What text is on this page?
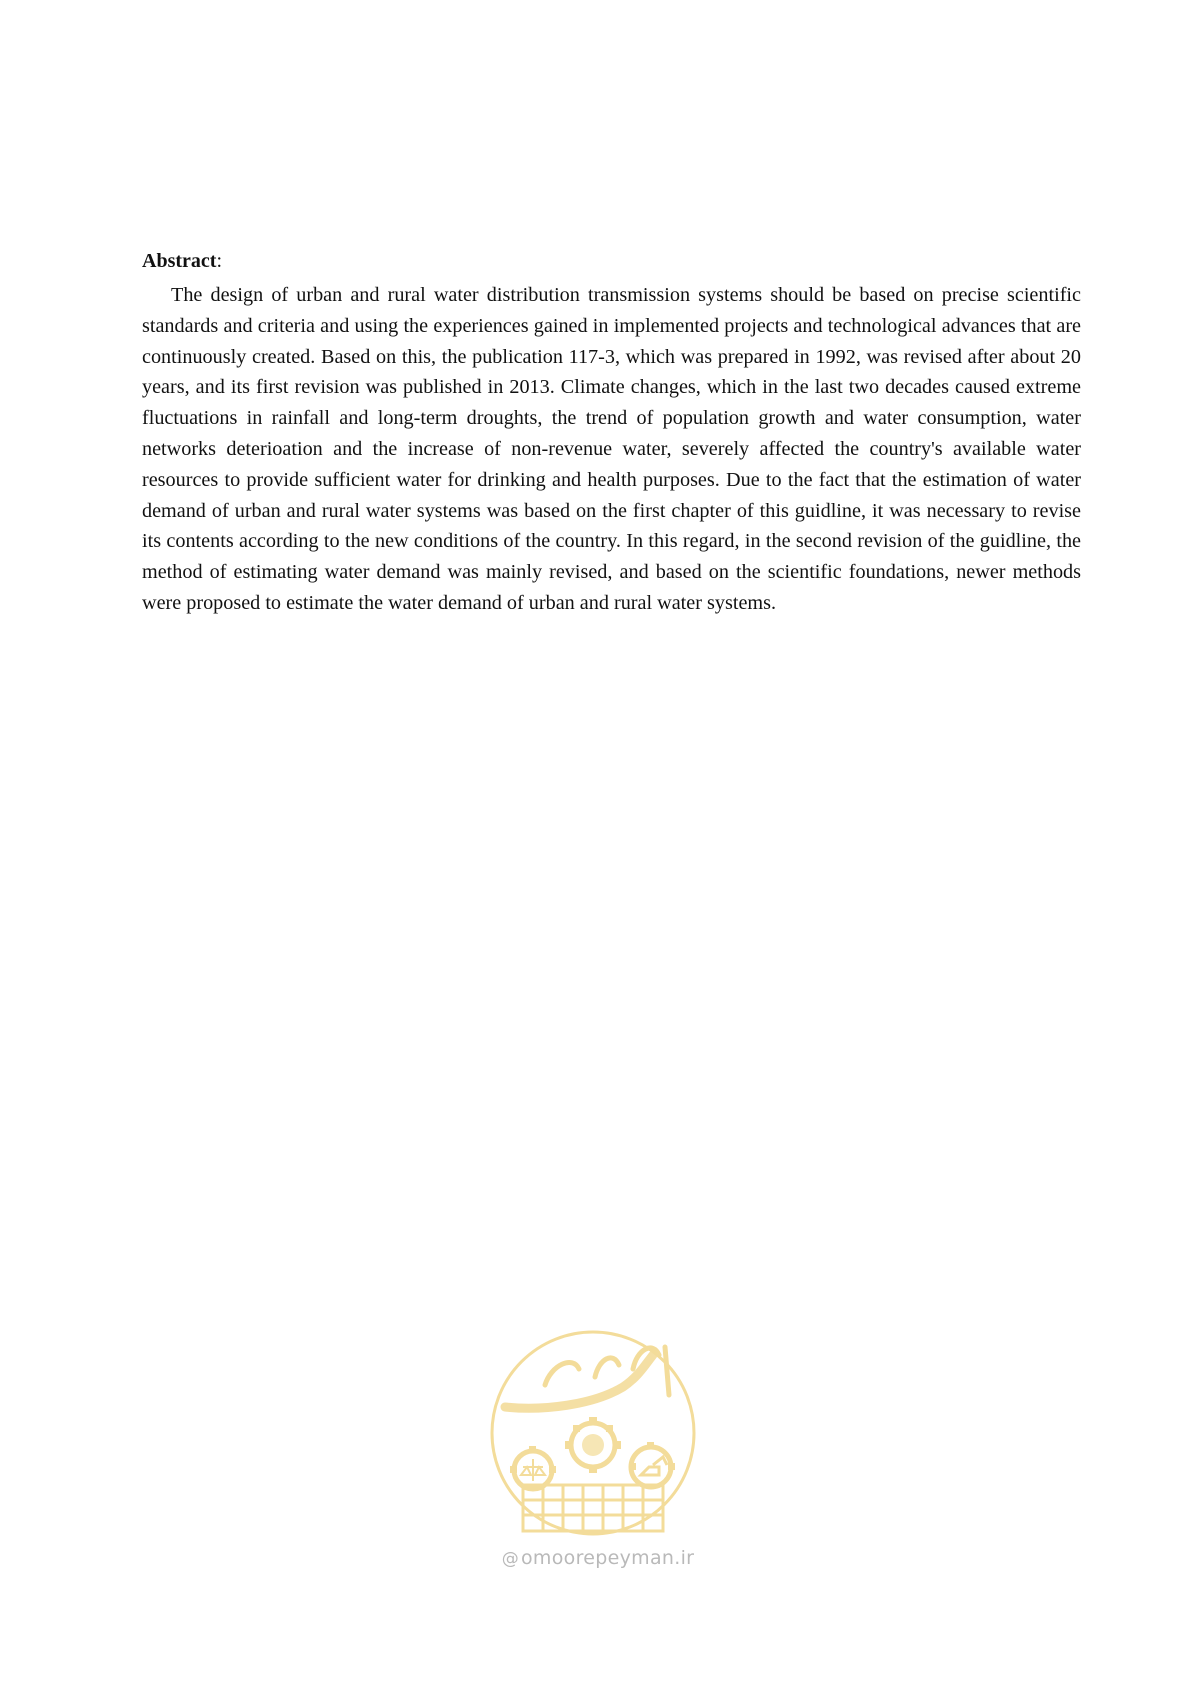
Abstract:

The design of urban and rural water distribution transmission systems should be based on precise scientific standards and criteria and using the experiences gained in implemented projects and technological advances that are continuously created. Based on this, the publication 117-3, which was prepared in 1992, was revised after about 20 years, and its first revision was published in 2013. Climate changes, which in the last two decades caused extreme fluctuations in rainfall and long-term droughts, the trend of population growth and water consumption, water networks deterioation and the increase of non-revenue water, severely affected the country's available water resources to provide sufficient water for drinking and health purposes. Due to the fact that the estimation of water demand of urban and rural water systems was based on the first chapter of this guidline, it was necessary to revise its contents according to the new conditions of the country. In this regard, in the second revision of the guidline, the method of estimating water demand was mainly revised, and based on the scientific foundations, newer methods were proposed to estimate the water demand of urban and rural water systems.

@ omoorepeyman.ir
